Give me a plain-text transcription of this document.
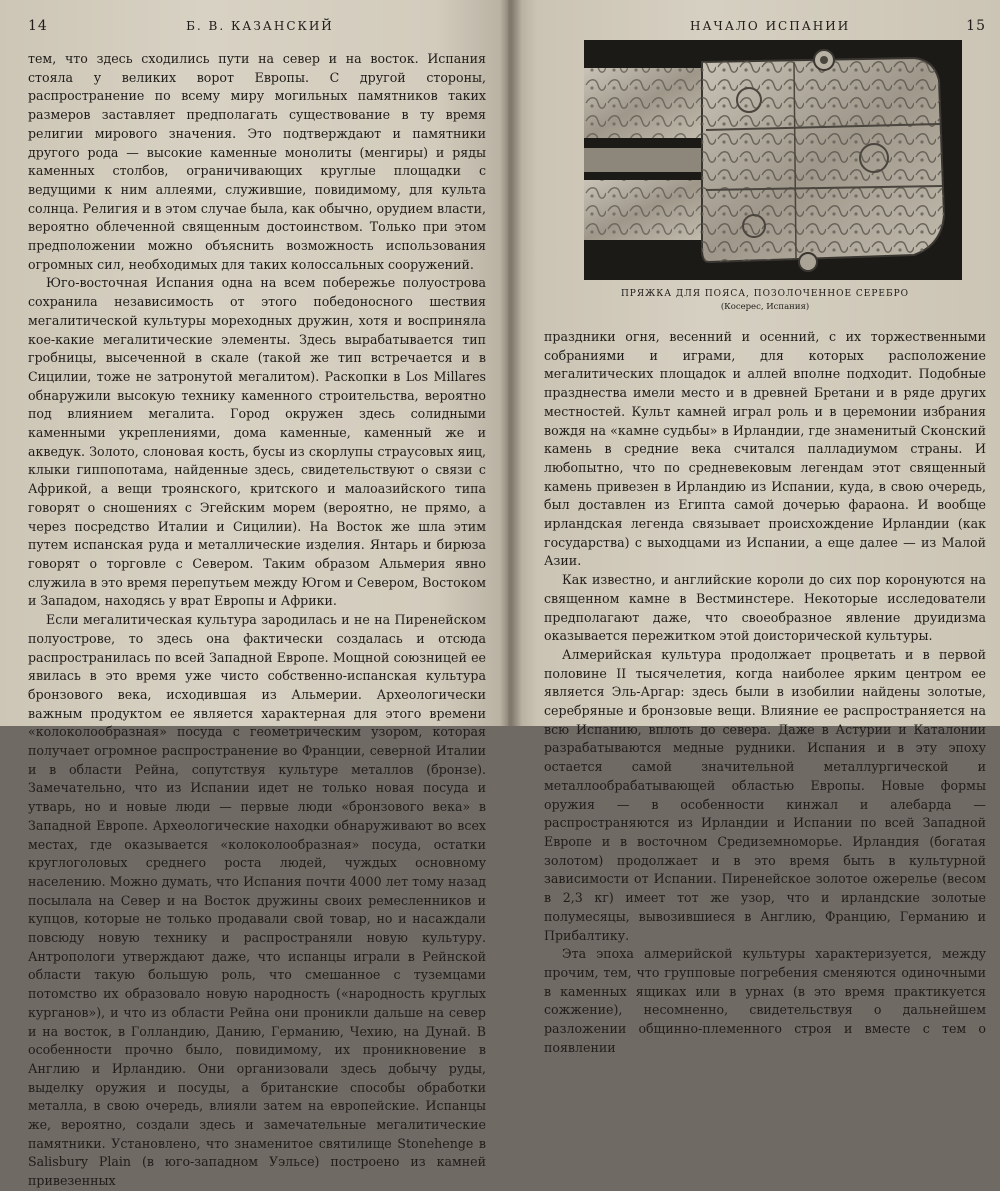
14	Б. В. КАЗАНСКИЙ

тем, что здесь сходились пути на север и на восток. Испания стояла у великих ворот Европы. С другой стороны, распространение по всему миру могильных памятников таких размеров заставляет предполагать существование в ту время религии мирового значения. Это подтверждают и памятники другого рода — высокие каменные монолиты (менгиры) и ряды каменных столбов, ограничивающих круглые площадки с ведущими к ним аллеями, служившие, повидимому, для культа солнца. Религия и в этом случае была, как обычно, орудием власти, вероятно облеченной священным достоинством. Только при этом предположении можно объяснить возможность использования огромных сил, необходимых для таких колоссальных сооружений.

Юго-восточная Испания одна на всем побережье полуострова сохранила независимость от этого победоносного шествия мегалитической культуры мореходных дружин, хотя и восприняла кое-какие мегалитические элементы. Здесь вырабатывается тип гробницы, высеченной в скале (такой же тип встречается и в Сицилии, тоже не затронутой мегалитом). Раскопки в Los Millares обнаружили высокую технику каменного строительства, вероятно под влиянием мегалита. Город окружен здесь солидными каменными укреплениями, дома каменные, каменный же и акведук. Золото, слоновая кость, бусы из скорлупы страусовых яиц, клыки гиппопотама, найденные здесь, свидетельствуют о связи с Африкой, а вещи троянского, критского и малоазийского типа говорят о сношениях с Эгейским морем (вероятно, не прямо, а через посредство Италии и Сицилии). На Восток же шла этим путем испанская руда и металлические изделия. Янтарь и бирюза говорят о торговле с Севером. Таким образом Альмерия явно служила в это время перепутьем между Югом и Севером, Востоком и Западом, находясь у врат Европы и Африки.

Если мегалитическая культура зародилась и не на Пиренейском полуострове, то здесь она фактически создалась и отсюда распространилась по всей Западной Европе. Мощной союзницей ее явилась в это время уже чисто собственно-испанская культура бронзового века, исходившая из Альмерии. Археологически важным продуктом ее является характерная для этого времени «колоколообразная» посуда с геометрическим узором, которая получает огромное распространение во Франции, северной Италии и в области Рейна, сопутствуя культуре металлов (бронзе). Замечательно, что из Испании идет не только новая посуда и утварь, но и новые люди — первые люди «бронзового века» в Западной Европе. Археологические находки обнаруживают во всех местах, где оказывается «колоколообразная» посуда, остатки круглоголовых среднего роста людей, чуждых основному населению. Можно думать, что Испания почти 4000 лет тому назад посылала на Север и на Восток дружины своих ремесленников и купцов, которые не только продавали свой товар, но и насаждали повсюду новую технику и распространяли новую культуру. Антропологи утверждают даже, что испанцы играли в Рейнской области такую большую роль, что смешанное с туземцами потомство их образовало новую народность («народность круглых курганов»), и что из области Рейна они проникли дальше на север и на восток, в Голландию, Данию, Германию, Чехию, на Дунай. В особенности прочно было, повидимому, их проникновение в Англию и Ирландию. Они организовали здесь добычу руды, выделку оружия и посуды, а британские способы обработки металла, в свою очередь, влияли затем на европейские. Испанцы же, вероятно, создали здесь и замечательные мегалитические памятники. Установлено, что знаменитое святилище Stonehenge в Salisbury Plain (в юго-западном Уэльсе) построено из камней привезенных

НАЧАЛО ИСПАНИИ	15
ПРЯЖКА ДЛЯ ПОЯСА, ПОЗОЛОЧЕННОЕ СЕРЕБРО
(Косерес, Испания)

праздники огня, весенний и осенний, с их торжественными собраниями и играми, для которых расположение мегалитических площадок и аллей вполне подходит. Подобные празднества имели место и в древней Бретани и в ряде других местностей. Культ камней играл роль и в церемонии избрания вождя на «камне судьбы» в Ирландии, где знаменитый Сконский камень в средние века считался палладиумом страны. И любопытно, что по средневековым легендам этот священный камень привезен в Ирландию из Испании, куда, в свою очередь, был доставлен из Египта самой дочерью фараона. И вообще ирландская легенда связывает происхождение Ирландии (как государства) с выходцами из Испании, а еще далее — из Малой Азии.

Как известно, и английские короли до сих пор коронуются на священном камне в Вестминстере. Некоторые исследователи предполагают даже, что своеобразное явление друидизма оказывается пережитком этой доисторической культуры.

Алмерийская культура продолжает процветать и в первой половине II тысячелетия, когда наиболее ярким центром ее является Эль-Аргар: здесь были в изобилии найдены золотые, серебряные и бронзовые вещи. Влияние ее распространяется на всю Испанию, вплоть до севера. Даже в Астурии и Каталонии разрабатываются медные рудники. Испания и в эту эпоху остается самой значительной металлургической и металлообрабатывающей областью Европы. Новые формы оружия — в особенности кинжал и алебарда — распространяются из Ирландии и Испании по всей Западной Европе и в восточном Средиземноморье. Ирландия (богатая золотом) продолжает и в это время быть в культурной зависимости от Испании. Пиренейское золотое ожерелье (весом в 2,3 кг) имеет тот же узор, что и ирландские золотые полумесяцы, вывозившиеся в Англию, Францию, Германию и Прибалтику.

Эта эпоха алмерийской культуры характеризуется, между прочим, тем, что групповые погребения сменяются одиночными в каменных ящиках или в урнах (в это время практикуется сожжение), несомненно, свидетельствуя о дальнейшем разложении общинно-племенного строя и вместе с тем о появлении
